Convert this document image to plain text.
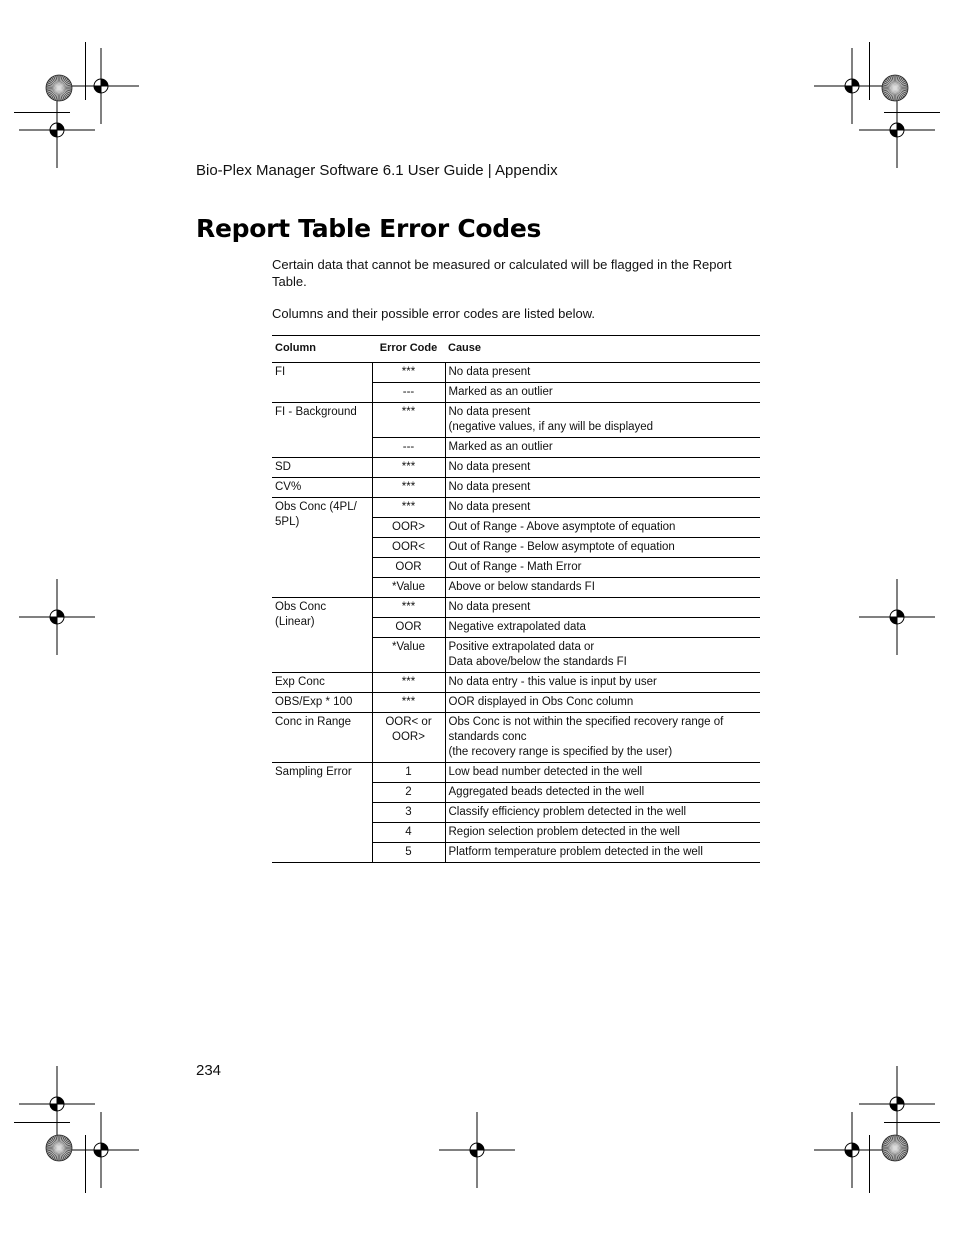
Bio-Plex Manager Software 6.1 User Guide | Appendix
Report Table Error Codes

Certain data that cannot be measured or calculated will be flagged in the Report Table.

Columns and their possible error codes are listed below.

Column	Error Code	Cause
FI	***	No data present

	---	Marked as an outlier

FI - Background	***	No data present
(negative values, if any will be displayed

	---	Marked as an outlier

SD	***	No data present

CV%	***	No data present

Obs Conc (4PL/ 5PL)	***	No data present

	OOR>	Out of Range - Above asymptote of equation

	OOR<	Out of Range - Below asymptote of equation

	OOR	Out of Range - Math Error

	*Value	Above or below standards FI

Obs Conc (Linear)	***	No data present

	OOR	Negative extrapolated data

	*Value	Positive extrapolated data or
Data above/below the standards FI

Exp Conc	***	No data entry - this value is input by user

OBS/Exp * 100	***	OOR displayed in Obs Conc column

Conc in Range	OOR< or OOR>	Obs Conc is not within the specified recovery range of standards conc
(the recovery range is specified by the user)

Sampling Error	1	Low bead number detected in the well

	2	Aggregated beads detected in the well

	3	Classify efficiency problem detected in the well

	4	Region selection problem detected in the well

	5	Platform temperature problem detected in the well
234
